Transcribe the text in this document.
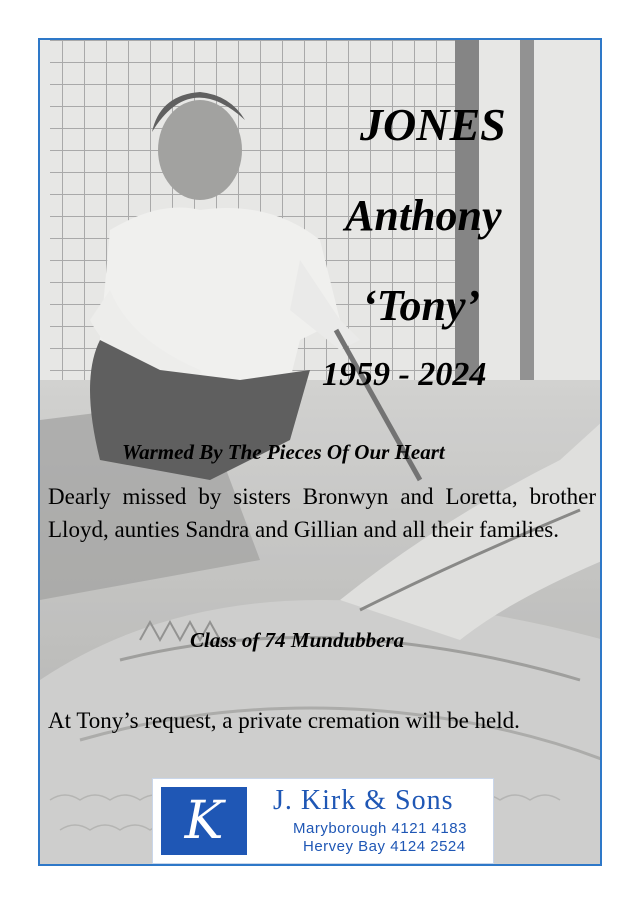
JONES
Anthony
‘Tony’
1959 - 2024
Warmed By The Pieces Of Our Heart
Dearly missed by sisters Bronwyn and Loretta, brother Lloyd, aunties Sandra and Gillian and all their families.
Class of 74 Mundubbera
At Tony’s request, a private cremation will be held.
K J. Kirk & Sons
Maryborough 4121 4183
Hervey Bay 4124 2524
